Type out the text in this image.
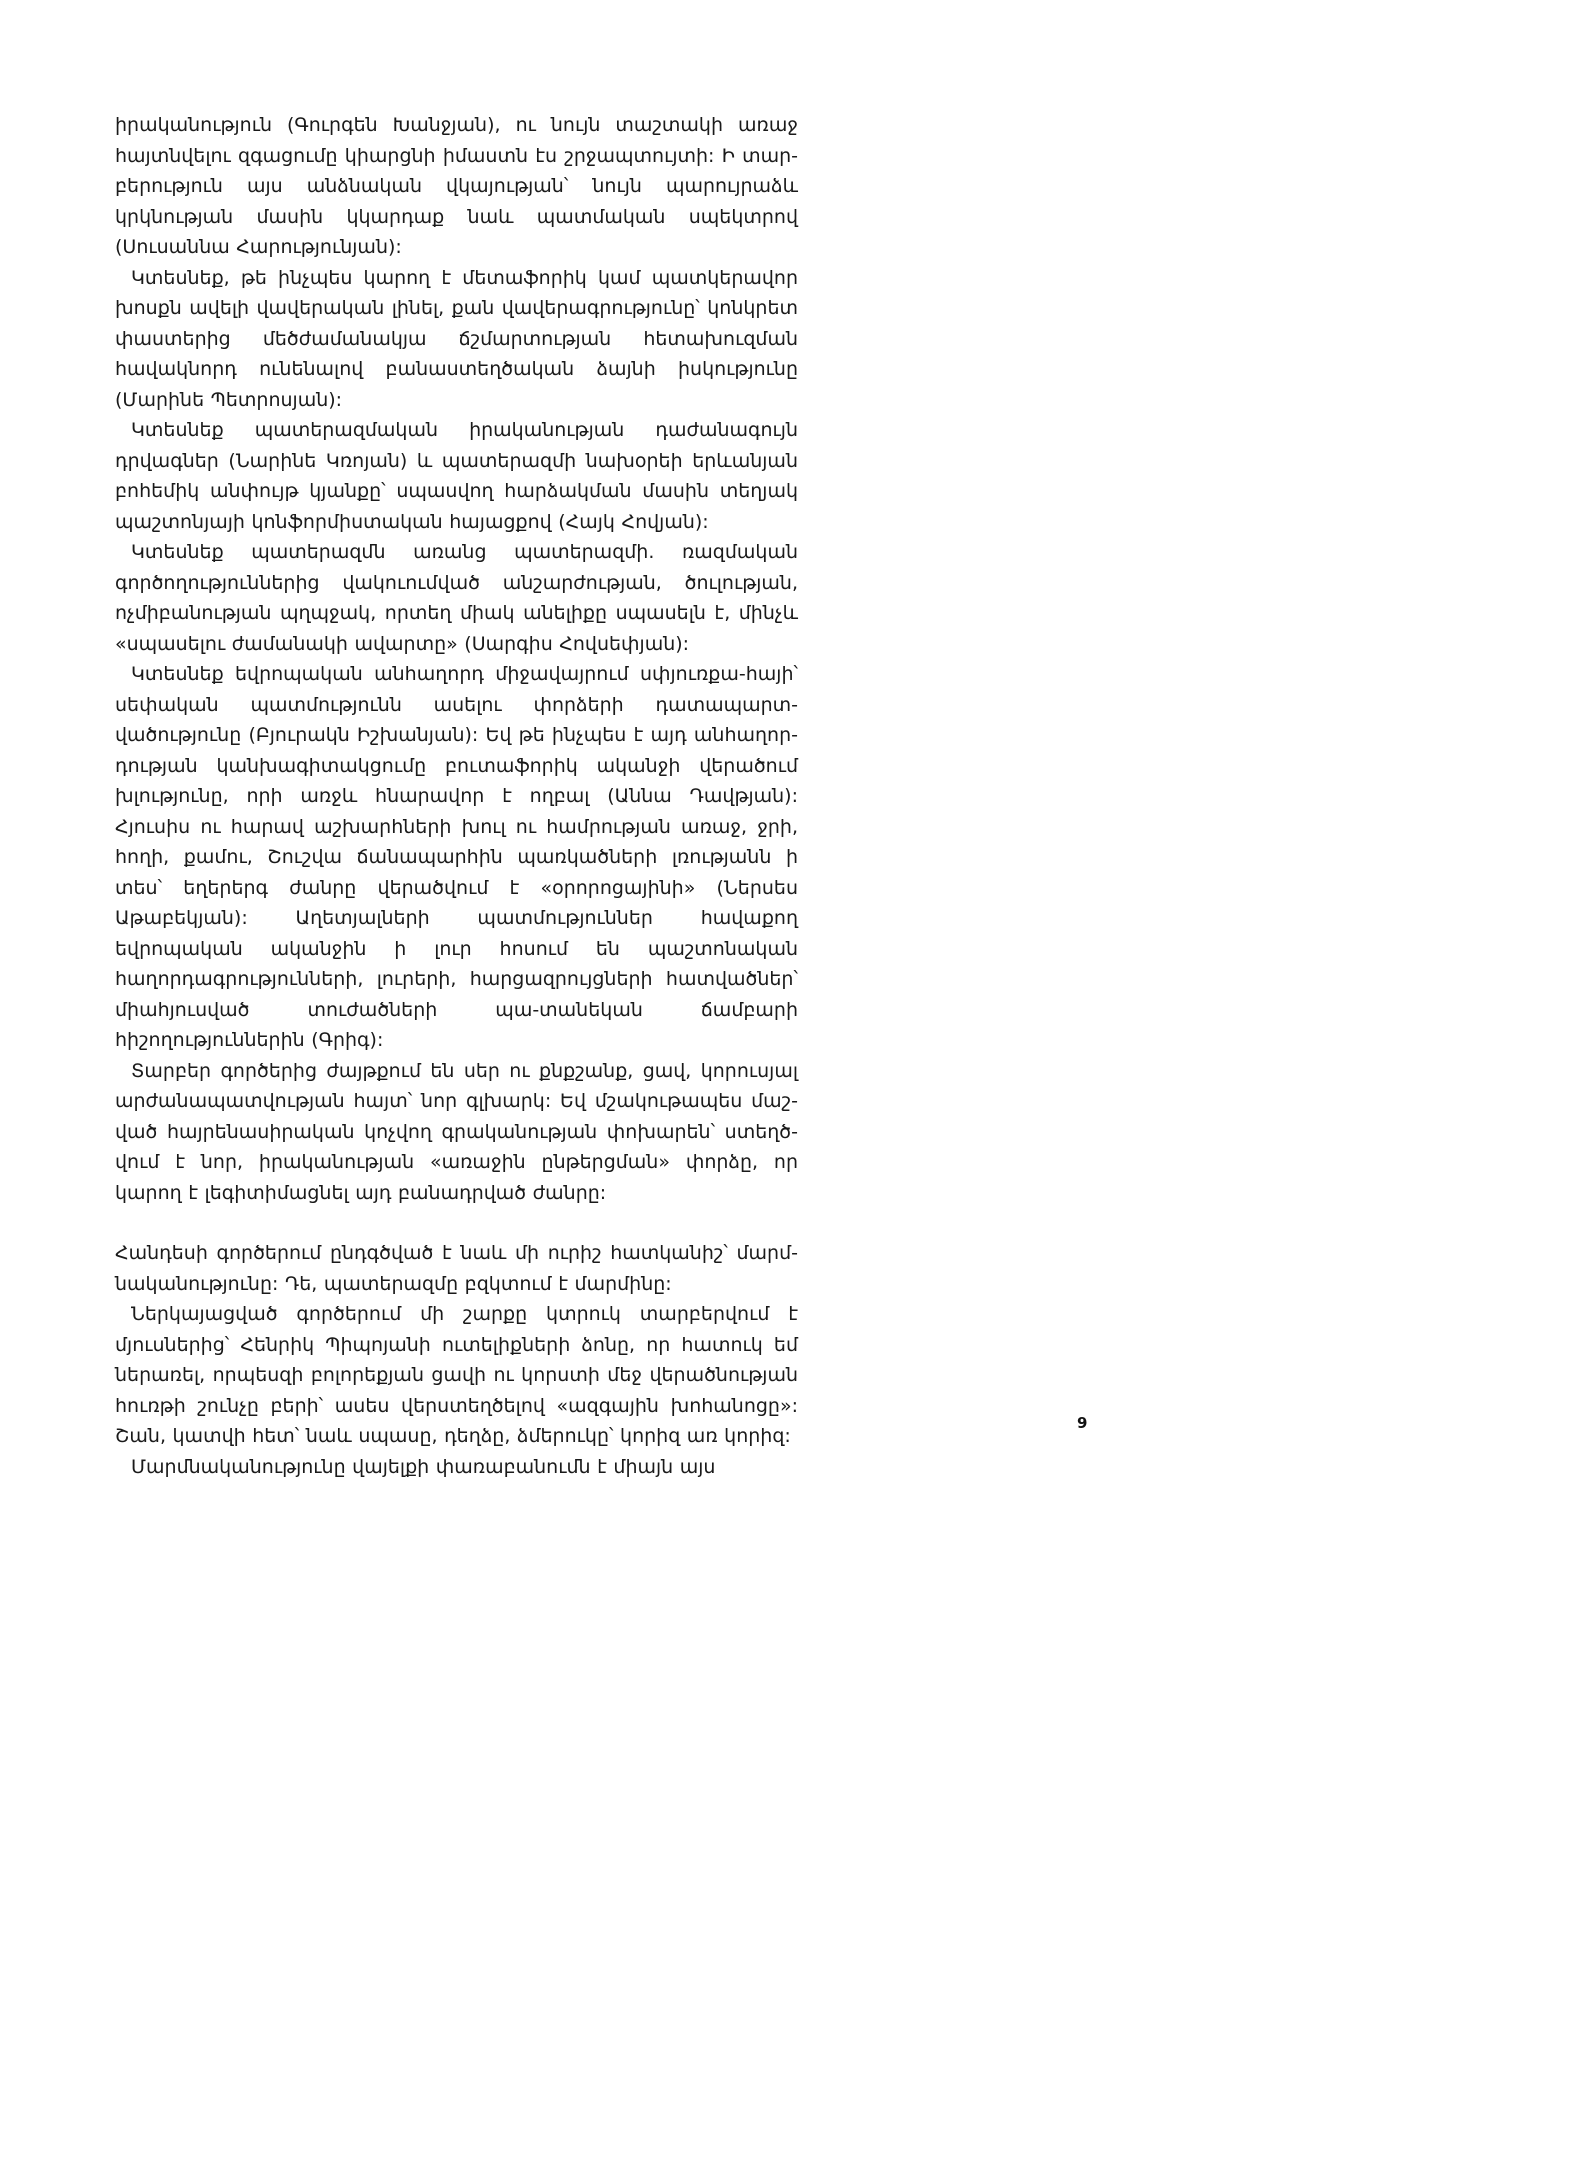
իրականություն (Գուրգեն Խանջյան), ու նույն տաշտակի առաջ հայտնվելու զգացումը կիարցնի իմաստն էս շրջապտույտի: Ի տար-բերություն այս անձնական վկայության՝ նույն պարույրաձև կրկնության մասին կկարդաք նաև պատմական սպեկտրով (Սուսաննա Հարությունյան):

Կտեսնեք, թե ինչպես կարող է մետաֆորիկ կամ պատկերավոր խոսքն ավելի վավերական լինել, քան վավերագրությունը՝ կոնկրետ փաստերից մեծժամանակյա ճշմարտության հետախուզման հավակնորդ ունենալով բանաստեղծական ձայնի իսկությունը (Մարինե Պետրոսյան):

Կտեսնեք պատերազմական իրականության դաժանագույն դրվագներ (Նարինե Կռոյան) և պատերազմի նախօրեի երևանյան բոհեմիկ անփույթ կյանքը՝ սպասվող հարձակման մասին տեղյակ պաշտոնյայի կոնֆորմիստական հայացքով (Հայկ Հովյան):

Կտեսնեք պատերազմն առանց պատերազմի. ռազմական գործողություններից վակուումված անշարժության, ծուլության, ոչմիբանության պղպջակ, որտեղ միակ անելիքը սպասելն է, մինչև «սպասելու ժամանակի ավարտը» (Սարգիս Հովսեփյան):

Կտեսնեք եվրոպական անհաղորդ միջավայրում սփյուռքա-հայի՝ սեփական պատմությունն ասելու փորձերի դատապարտ-վածությունը (Բյուրակն Իշխանյան): Եվ թե ինչպես է այդ անհաղոր-դության կանխագիտակցումը բուտաֆորիկ ականջի վերածում խլությունը, որի առջև հնարավոր է ողբալ (Աննա Դավթյան): Հյուսիս ու հարավ աշխարհների խուլ ու համրության առաջ, ջրի, հողի, քամու, Շուշվա ճանապարհին պառկածների լռությանն ի տես՝ եղերերգ ժանրը վերածվում է «օրորոցայինի» (Ներսես Աթաբեկյան): Աղետյալների պատմություններ հավաքող եվրոպական ականջին ի լուր հոսում են պաշտոնական հաղորդագրությունների, լուրերի, հարցազրույցների հատվածներ՝ միահյուսված տուժածների պա-տանեկան ճամբարի հիշողություններին (Գրիգ):

Տարբեր գործերից ժայթքում են սեր ու քնքշանք, ցավ, կորուսյալ արժանապատվության հայտ՝ նոր գլխարկ: Եվ մշակութապես մաշ-ված հայրենասիրական կոչվող գրականության փոխարեն՝ ստեղծ-վում է նոր, իրականության «առաջին ընթերցման» փորձը, որ կարող է լեգիտիմացնել այդ բանադրված ժանրը:

Հանդեսի գործերում ընդգծված է նաև մի ուրիշ հատկանիշ՝ մարմ-նականությունը: Դե, պատերազմը բզկտում է մարմինը:

Ներկայացված գործերում մի շարքը կտրուկ տարբերվում է մյուսներից՝ Հենրիկ Պիպոյանի ուտելիքների ձոնը, որ հատուկ եմ ներառել, որպեսզի բոլորեքյան ցավի ու կորստի մեջ վերածնության հուռթի շունչը բերի՝ ասես վերստեղծելով «ազգային խոհանոցը»: Շան, կատվի հետ՝ նաև սպասը, դեղձը, ձմերուկը՝ կորիզ առ կորիզ:

Մարմնականությունը վայելքի փառաբանումն է միայն այս

9
